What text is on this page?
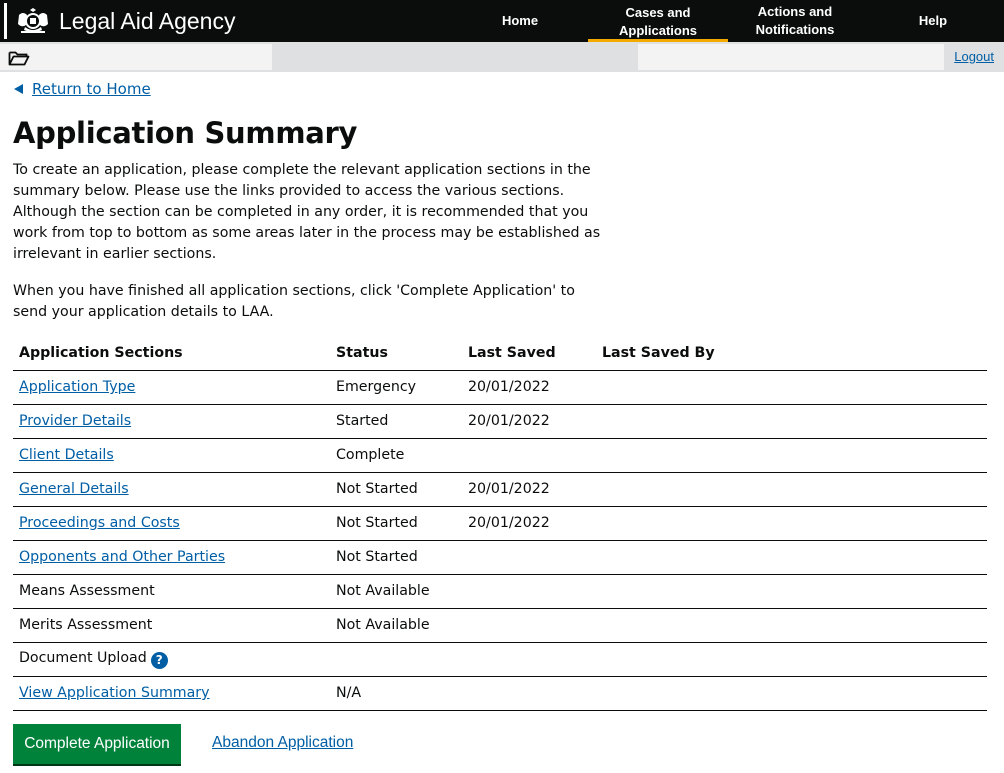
Legal Aid Agency	Home
Cases and Applications
Actions and Notifications
Help
Logout
Return to Home
Application Summary

To create an application, please complete the relevant application sections in the summary below. Please use the links provided to access the various sections. Although the section can be completed in any order, it is recommended that you work from top to bottom as some areas later in the process may be established as irrelevant in earlier sections.

When you have finished all application sections, click 'Complete Application' to send your application details to LAA.

Application Sections	Status	Last Saved	Last Saved By
Application Type	Emergency	20/01/2022	
Provider Details	Started	20/01/2022	
Client Details	Complete		
General Details	Not Started	20/01/2022	
Proceedings and Costs	Not Started	20/01/2022	
Opponents and Other Parties	Not Started		
Means Assessment	Not Available		
Merits Assessment	Not Available		
Document Upload ?			
View Application Summary	N/A		
Complete Application	Abandon Application
